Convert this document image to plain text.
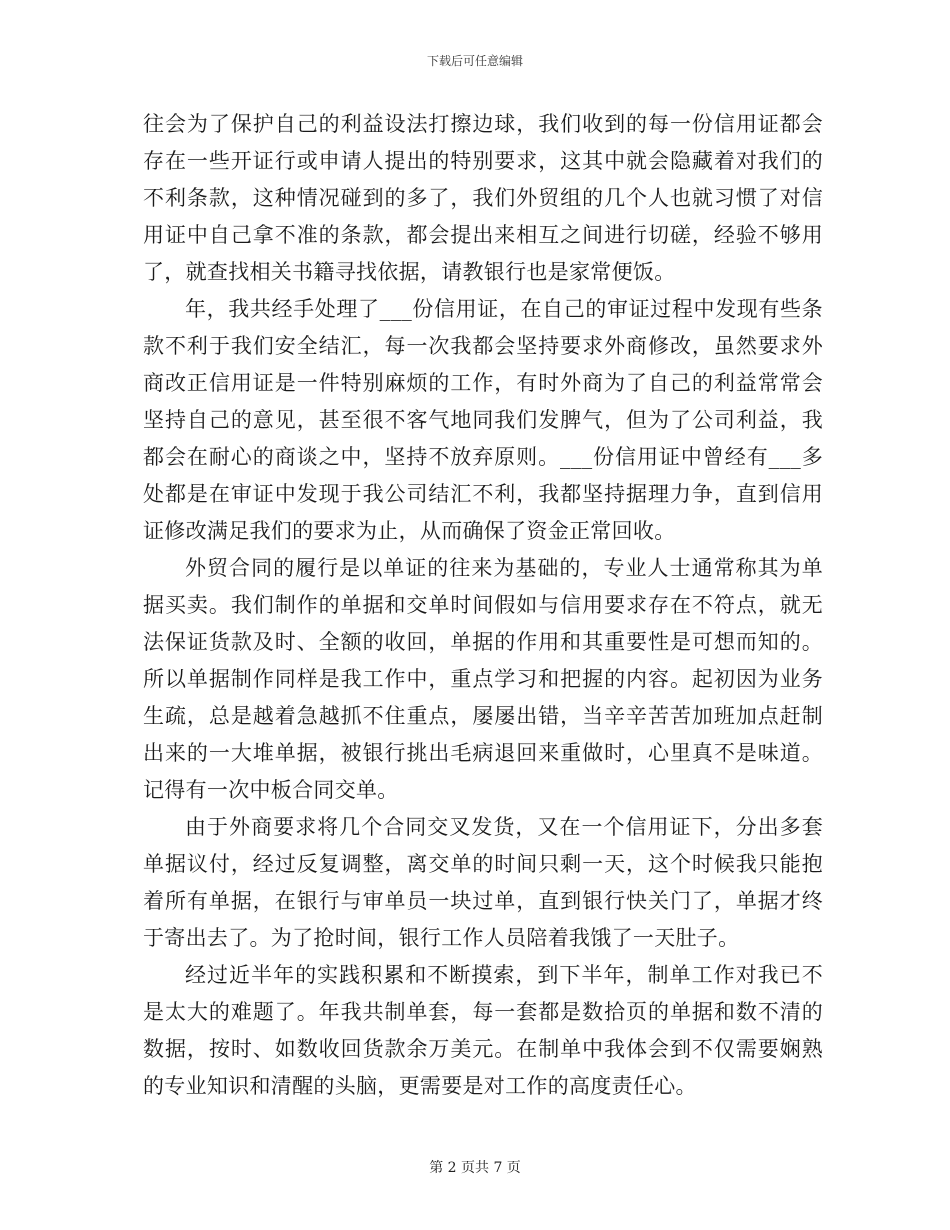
下载后可任意编辑

往会为了保护自己的利益设法打擦边球，我们收到的每一份信用证都会存在一些开证行或申请人提出的特别要求，这其中就会隐藏着对我们的不利条款，这种情况碰到的多了，我们外贸组的几个人也就习惯了对信用证中自己拿不准的条款，都会提出来相互之间进行切磋，经验不够用了，就查找相关书籍寻找依据，请教银行也是家常便饭。

年，我共经手处理了___份信用证，在自己的审证过程中发现有些条款不利于我们安全结汇，每一次我都会坚持要求外商修改，虽然要求外商改正信用证是一件特别麻烦的工作，有时外商为了自己的利益常常会坚持自己的意见，甚至很不客气地同我们发脾气，但为了公司利益，我都会在耐心的商谈之中，坚持不放弃原则。___份信用证中曾经有___多处都是在审证中发现于我公司结汇不利，我都坚持据理力争，直到信用证修改满足我们的要求为止，从而确保了资金正常回收。

外贸合同的履行是以单证的往来为基础的，专业人士通常称其为单据买卖。我们制作的单据和交单时间假如与信用要求存在不符点，就无法保证货款及时、全额的收回，单据的作用和其重要性是可想而知的。所以单据制作同样是我工作中，重点学习和把握的内容。起初因为业务生疏，总是越着急越抓不住重点，屡屡出错，当辛辛苦苦加班加点赶制出来的一大堆单据，被银行挑出毛病退回来重做时，心里真不是味道。记得有一次中板合同交单。

由于外商要求将几个合同交叉发货，又在一个信用证下，分出多套单据议付，经过反复调整，离交单的时间只剩一天，这个时候我只能抱着所有单据，在银行与审单员一块过单，直到银行快关门了，单据才终于寄出去了。为了抢时间，银行工作人员陪着我饿了一天肚子。

经过近半年的实践积累和不断摸索，到下半年，制单工作对我已不是太大的难题了。年我共制单套，每一套都是数拾页的单据和数不清的数据，按时、如数收回货款余万美元。在制单中我体会到不仅需要娴熟的专业知识和清醒的头脑，更需要是对工作的高度责任心。

第 2 页共 7 页
